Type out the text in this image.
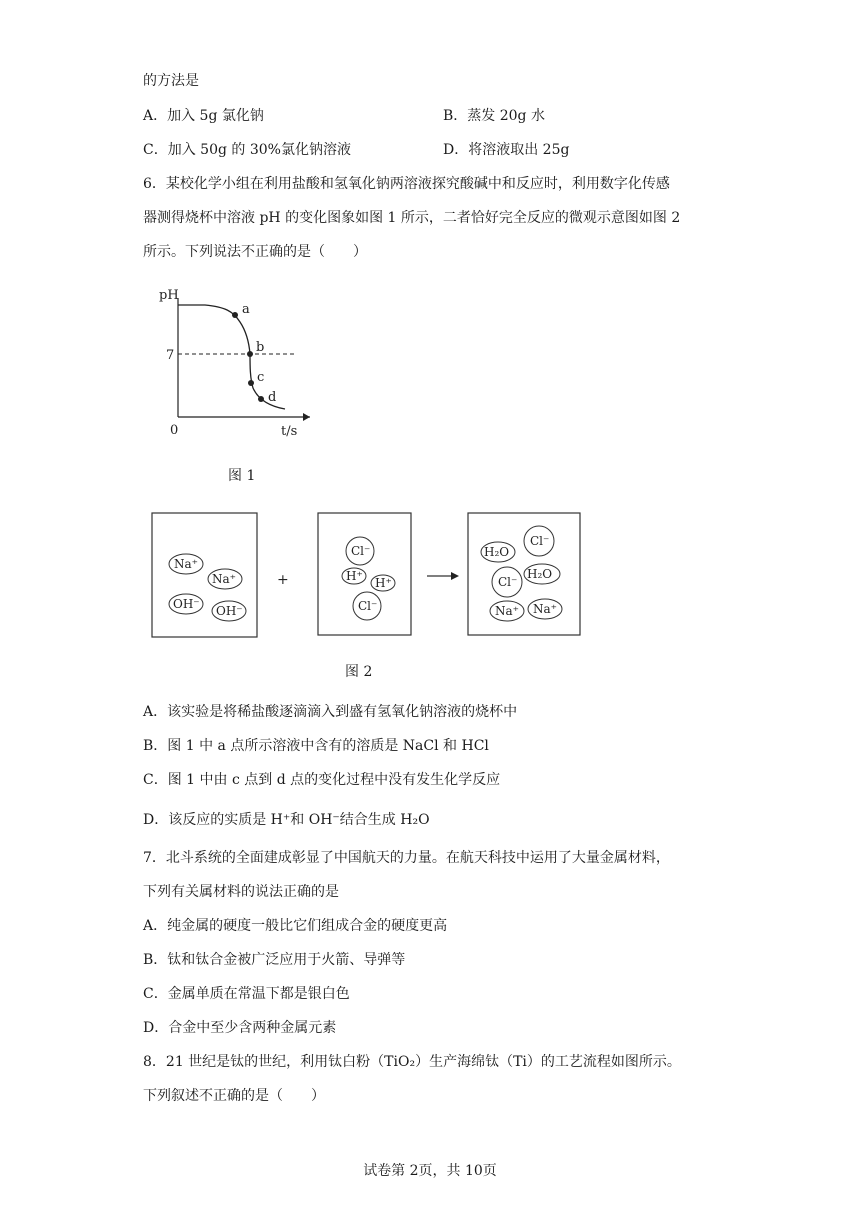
的方法是
A．加入 5g 氯化钠	B．蒸发 20g 水
C．加入 50g 的 30%氯化钠溶液	D．将溶液取出 25g
6．某校化学小组在利用盐酸和氢氧化钠两溶液探究酸碱中和反应时，利用数字化传感
器测得烧杯中溶液 pH 的变化图象如图 1 所示，二者恰好完全反应的微观示意图如图 2
所示。下列说法不正确的是（　　）
pH
t/s
0
7
a
b
c
d
图 1
Na⁺
Na⁺
OH⁻ OH⁻
+
Cl⁻
H⁺ H⁺
Cl⁻
H₂O
Cl⁻
Cl⁻
H₂O
Na⁺ Na⁺
图 2
A．该实验是将稀盐酸逐滴滴入到盛有氢氧化钠溶液的烧杯中
B．图 1 中 a 点所示溶液中含有的溶质是 NaCl 和 HCl
C．图 1 中由 c 点到 d 点的变化过程中没有发生化学反应
D．该反应的实质是 H⁺和 OH⁻结合生成 H₂O
7．北斗系统的全面建成彰显了中国航天的力量。在航天科技中运用了大量金属材料，
下列有关属材料的说法正确的是
A．纯金属的硬度一般比它们组成合金的硬度更高
B．钛和钛合金被广泛应用于火箭、导弹等
C．金属单质在常温下都是银白色
D．合金中至少含两种金属元素
8．21 世纪是钛的世纪，利用钛白粉（TiO₂）生产海绵钛（Ti）的工艺流程如图所示。
下列叙述不正确的是（　　）
试卷第 2页，共 10页
